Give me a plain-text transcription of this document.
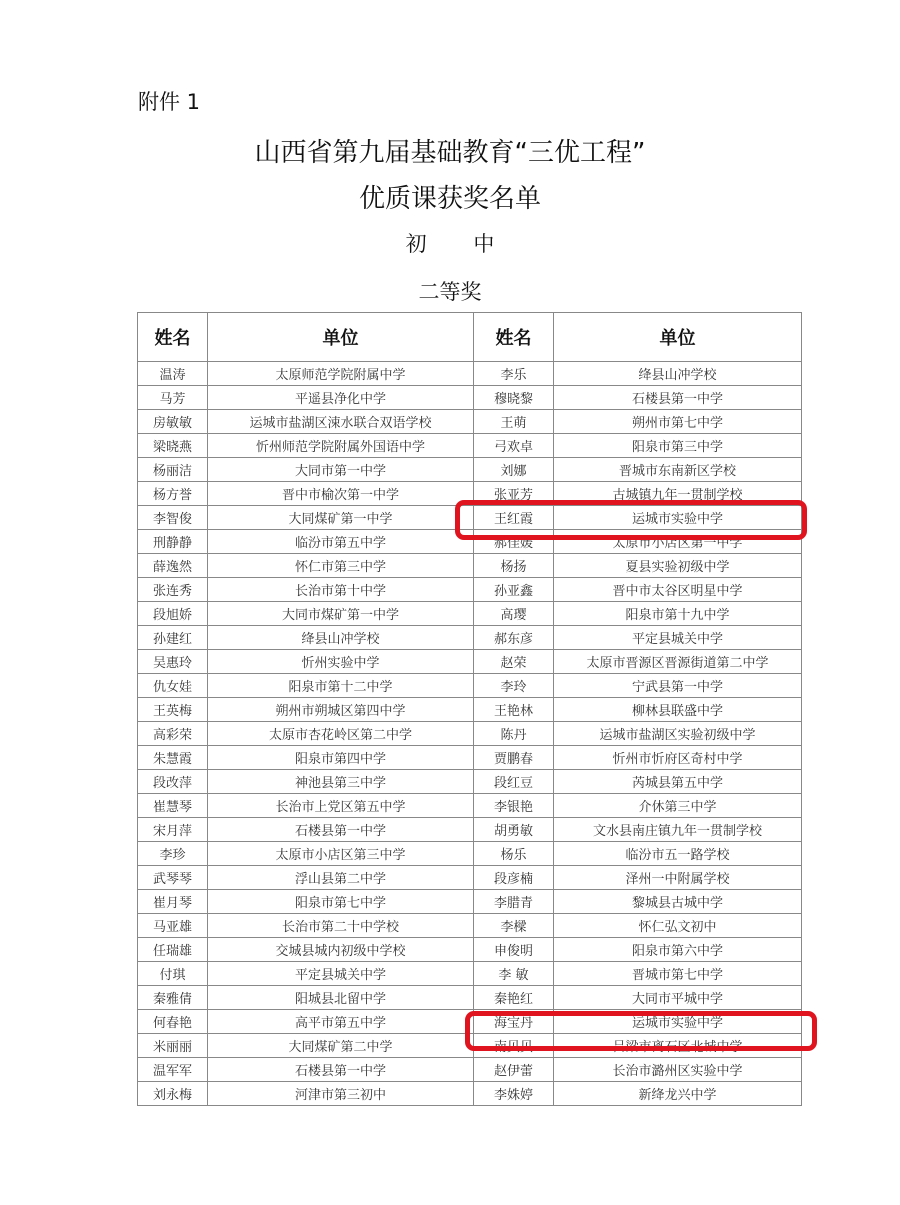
附件 1
山西省第九届基础教育“三优工程”
优质课获奖名单
初 中
二等奖
姓名	单位	姓名	单位
温涛	太原师范学院附属中学	李乐	绛县山冲学校
马芳	平遥县净化中学	穆晓黎	石楼县第一中学
房敏敏	运城市盐湖区涑水联合双语学校	王萌	朔州市第七中学
梁晓燕	忻州师范学院附属外国语中学	弓欢卓	阳泉市第三中学
杨丽洁	大同市第一中学	刘娜	晋城市东南新区学校
杨方誉	晋中市榆次第一中学	张亚芳	古城镇九年一贯制学校
李智俊	大同煤矿第一中学	王红霞	运城市实验中学
刑静静	临汾市第五中学	郝佳媛	太原市小店区第一中学
薛逸然	怀仁市第三中学	杨扬	夏县实验初级中学
张连秀	长治市第十中学	孙亚鑫	晋中市太谷区明星中学
段旭娇	大同市煤矿第一中学	高璎	阳泉市第十九中学
孙建红	绛县山冲学校	郝东彦	平定县城关中学
吴惠玲	忻州实验中学	赵荣	太原市晋源区晋源街道第二中学
仇女娃	阳泉市第十二中学	李玲	宁武县第一中学
王英梅	朔州市朔城区第四中学	王艳林	柳林县联盛中学
高彩荣	太原市杏花岭区第二中学	陈丹	运城市盐湖区实验初级中学
朱慧霞	阳泉市第四中学	贾鹏春	忻州市忻府区奇村中学
段改萍	神池县第三中学	段红豆	芮城县第五中学
崔慧琴	长治市上党区第五中学	李银艳	介休第三中学
宋月萍	石楼县第一中学	胡勇敏	文水县南庄镇九年一贯制学校
李珍	太原市小店区第三中学	杨乐	临汾市五一路学校
武琴琴	浮山县第二中学	段彦楠	泽州一中附属学校
崔月琴	阳泉市第七中学	李腊青	黎城县古城中学
马亚雄	长治市第二十中学校	李樑	怀仁弘文初中
任瑞雄	交城县城内初级中学校	申俊明	阳泉市第六中学
付琪	平定县城关中学	李 敏	晋城市第七中学
秦雅倩	阳城县北留中学	秦艳红	大同市平城中学
何春艳	高平市第五中学	海宝丹	运城市实验中学
米丽丽	大同煤矿第二中学	南贝贝	吕梁市离石区北城中学
温军军	石楼县第一中学	赵伊蕾	长治市潞州区实验中学
刘永梅	河津市第三初中	李姝婷	新绛龙兴中学
